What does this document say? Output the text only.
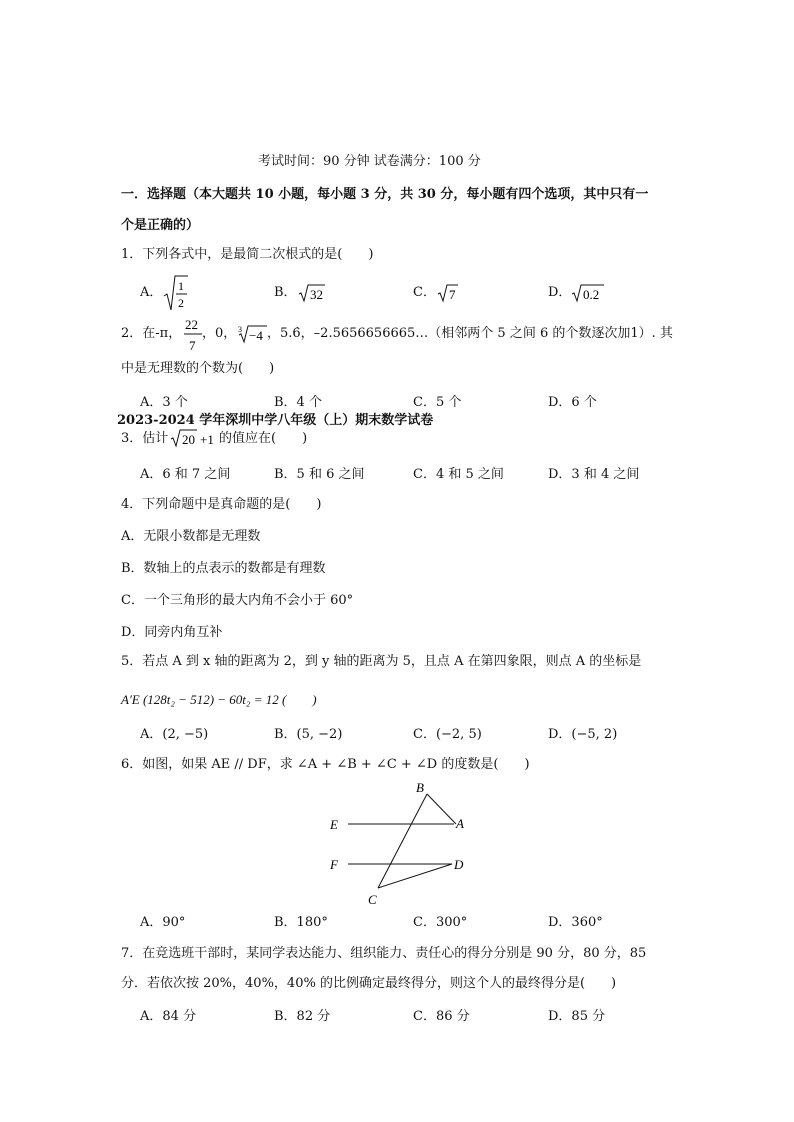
考试时间：90 分钟 试卷满分：100 分
一．选择题（本大题共 10 小题，每小题 3 分，共 30 分，每小题有四个选项，其中只有一
个是正确的）
1．下列各式中，是最简二次根式的是(　　)
A． 1
2
B． 32	C． 7	D． 0.2
2．在-π，
22
7
，0， 3 −4 ，5.6̇，–2.5656656665…（相邻两个 5 之间 6 的个数逐次加1）. 其
中是无理数的个数为(　　)
A．3 个	B．4 个	C．5 个	D．6 个
2023-2024 学年深圳中学八年级（上）期末数学试卷
3．估计 20 +1 的值应在(　　)
A．6 和 7 之间	B．5 和 6 之间	C．4 和 5 之间	D．3 和 4 之间
4．下列命题中是真命题的是(　　)
A．无限小数都是无理数
B．数轴上的点表示的数都是有理数
C．一个三角形的最大内角不会小于 60°
D．同旁内角互补
5．若点 A 到 x 轴的距离为 2，到 y 轴的距离为 5，且点 A 在第四象限，则点 A 的坐标是
A′E (128t₂ − 512) − 60t₂ = 12 (　　)
A．(2, −5)	B．(5, −2)	C．(−2, 5)	D．(−5, 2)
6．如图，如果 AE // DF，求 ∠A + ∠B + ∠C + ∠D 的度数是(　　)
B
E	A
F	D
C
A．90°	B．180°	C．300°	D．360°
7．在竞选班干部时，某同学表达能力、组织能力、责任心的得分分别是 90 分，80 分，85
分．若依次按 20%，40%，40% 的比例确定最终得分，则这个人的最终得分是(　　)
A．84 分	B．82 分	C．86 分	D．85 分
